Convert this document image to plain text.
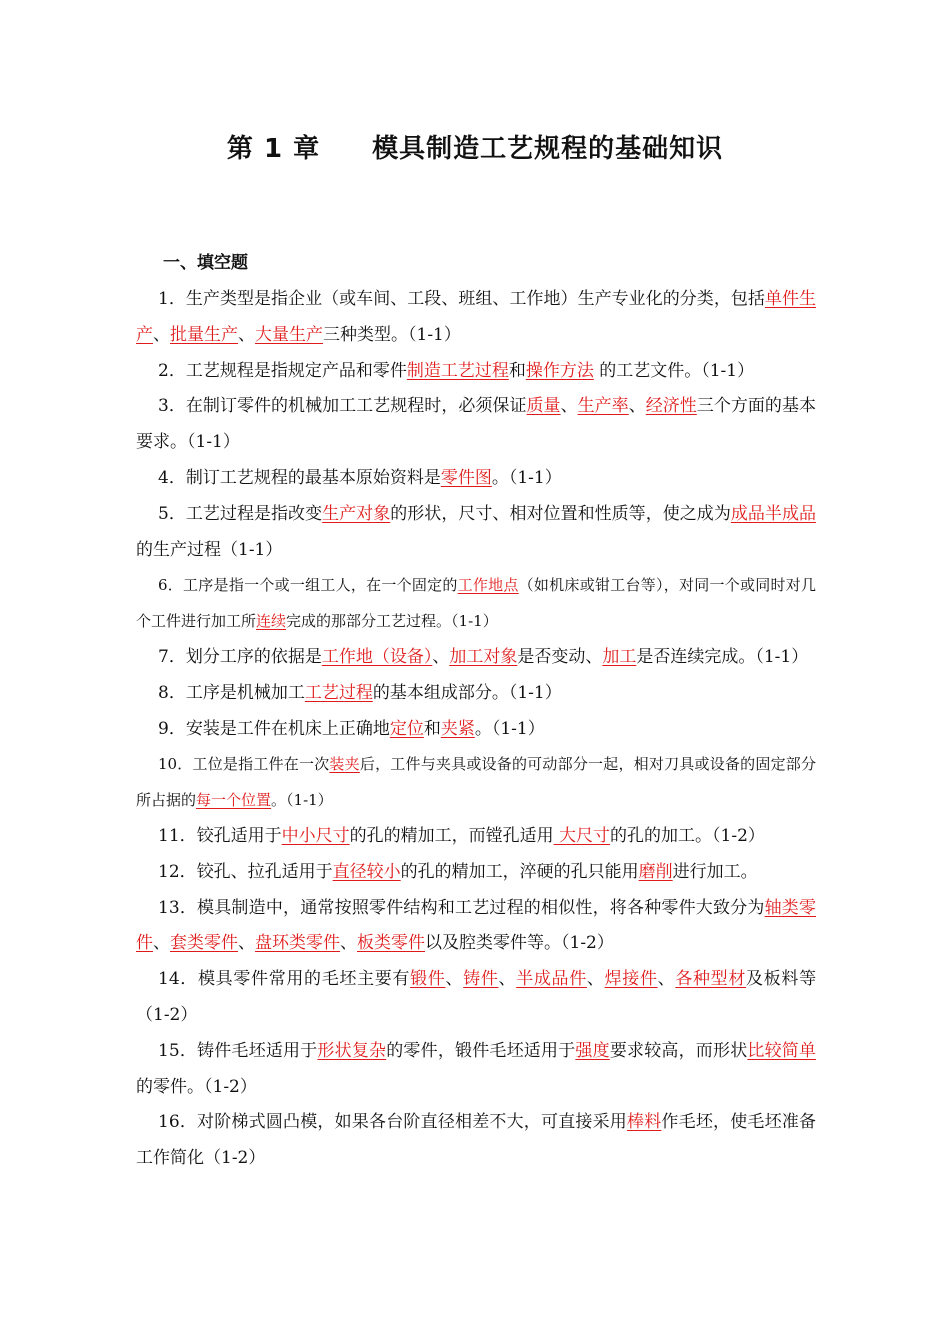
第 1 章 模具制造工艺规程的基础知识
一、填空题

1．生产类型是指企业（或车间、工段、班组、工作地）生产专业化的分类，包括单件生产、批量生产、大量生产三种类型。（1-1）

2．工艺规程是指规定产品和零件制造工艺过程和操作方法 的工艺文件。（1-1）

3．在制订零件的机械加工工艺规程时，必须保证质量、生产率、经济性三个方面的基本要求。（1-1）

4．制订工艺规程的最基本原始资料是零件图。（1-1）

5．工艺过程是指改变生产对象的形状，尺寸、相对位置和性质等，使之成为成品半成品的生产过程（1-1）

6．工序是指一个或一组工人，在一个固定的工作地点（如机床或钳工台等），对同一个或同时对几个工件进行加工所连续完成的那部分工艺过程。（1-1）

7．划分工序的依据是工作地（设备）、加工对象是否变动、加工是否连续完成。（1-1）

8．工序是机械加工工艺过程的基本组成部分。（1-1）

9．安装是工件在机床上正确地定位和夹紧。（1-1）

10．工位是指工件在一次装夹后，工件与夹具或设备的可动部分一起，相对刀具或设备的固定部分所占据的每一个位置。（1-1）

11．铰孔适用于中小尺寸的孔的精加工，而镗孔适用 大尺寸的孔的加工。（1-2）

12．铰孔、拉孔适用于直径较小的孔的精加工，淬硬的孔只能用磨削进行加工。

13．模具制造中，通常按照零件结构和工艺过程的相似性，将各种零件大致分为轴类零件、套类零件、盘环类零件、板类零件以及腔类零件等。（1-2）

14．模具零件常用的毛坯主要有锻件、铸件、半成品件、焊接件、各种型材及板料等（1-2）

15．铸件毛坯适用于形状复杂的零件，锻件毛坯适用于强度要求较高，而形状比较简单的零件。（1-2）

16．对阶梯式圆凸模，如果各台阶直径相差不大，可直接采用棒料作毛坯，使毛坯准备工作简化（1-2）
